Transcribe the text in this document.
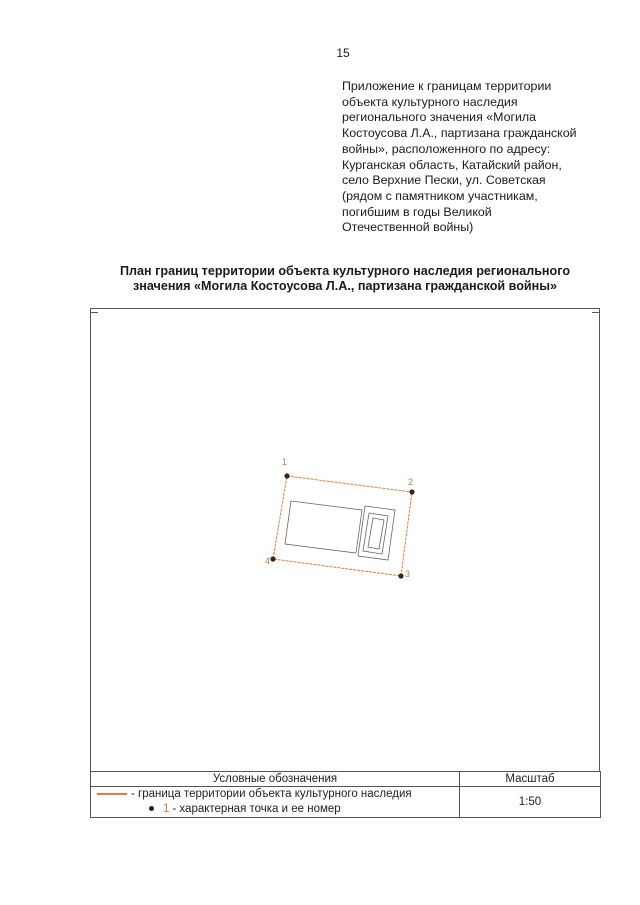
15
Приложение к границам территории
объекта культурного наследия
регионального значения «Могила
Костоусова Л.А., партизана гражданской
войны», расположенного по адресу:
Курганская область, Катайский район,
село Верхние Пески, ул. Советская
(рядом с памятником участникам,
погибшим в годы Великой
Отечественной войны)
План границ территории объекта культурного наследия регионального
значения «Могила Костоусова Л.А., партизана гражданской войны»
1
2
3
4
Условные обозначения	Масштаб

- граница территории объекта культурного наследия
1 - характерная точка и ее номер	1:50
